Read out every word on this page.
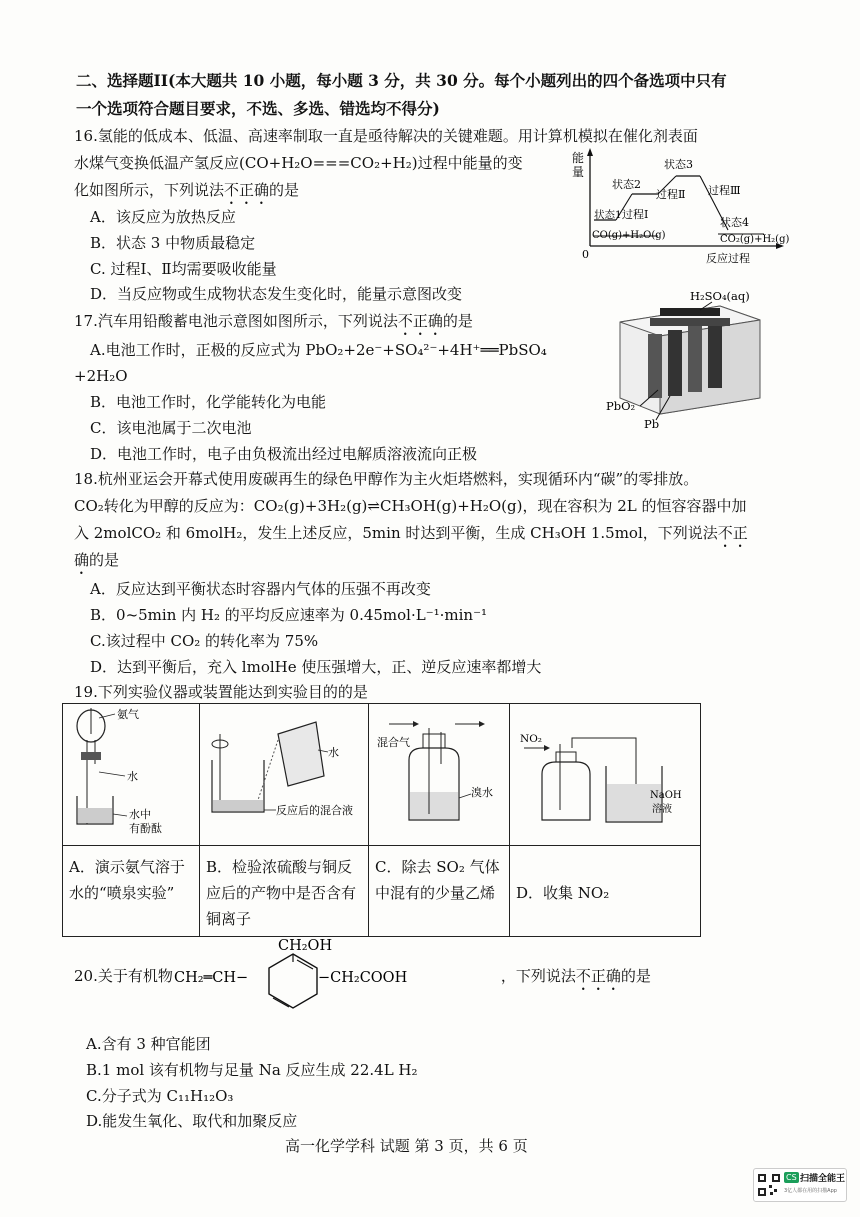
二、选择题II(本大题共 10 小题，每小题 3 分，共 30 分。每个小题列出的四个备选项中只有
一个选项符合题目要求，不选、多选、错选均不得分)
16.氢能的低成本、低温、高速率制取一直是亟待解决的关键难题。用计算机模拟在催化剂表面
水煤气变换低温产氢反应(CO+H₂O===CO₂+H₂)过程中能量的变
化如图所示，下列说法不正确的是
A．该反应为放热反应
B．状态 3 中物质最稳定
C. 过程Ⅰ、Ⅱ均需要吸收能量
D．当反应物或生成物状态发生变化时，能量示意图改变
能
量
0
状态1
状态2
状态3
状态4
过程Ⅰ
过程Ⅱ 过程Ⅲ
CO(g)+H₂O(g)	CO₂(g)+H₂(g)
反应过程
17.汽车用铅酸蓄电池示意图如图所示，下列说法不正确的是
A.电池工作时，正极的反应式为 PbO₂+2e⁻+SO₄²⁻+4H⁺══PbSO₄
+2H₂O
B．电池工作时，化学能转化为电能
C．该电池属于二次电池
D．电池工作时，电子由负极流出经过电解质溶液流向正极
H₂SO₄(aq)
PbO₂
Pb
18.杭州亚运会开幕式使用废碳再生的绿色甲醇作为主火炬塔燃料，实现循环内“碳”的零排放。
CO₂转化为甲醇的反应为：CO₂(g)+3H₂(g)⇌CH₃OH(g)+H₂O(g)，现在容积为 2L 的恒容容器中加
入 2molCO₂ 和 6molH₂，发生上述反应，5min 时达到平衡，生成 CH₃OH 1.5mol，下列说法不正
确的是
A．反应达到平衡状态时容器内气体的压强不再改变
B．0~5min 内 H₂ 的平均反应速率为 0.45mol·L⁻¹·min⁻¹
C.该过程中 CO₂ 的转化率为 75%
D．达到平衡后，充入 lmolHe 使压强增大，正、逆反应速率都增大
19.下列实验仪器或装置能达到实验目的的是
氨气
水
水中
有酚酞	水
反应后的混合液	混合气
溴水	NO₂
NaOH
溶液

A．演示氨气溶于水的“喷泉实验”	B．检验浓硫酸与铜反应后的产物中是否含有铜离子	C．除去 SO₂ 气体中混有的少量乙烯	D．收集 NO₂
20.关于有机物	，下列说法不正确的是
CH₂═CH−
CH₂OH
−CH₂COOH
A.含有 3 种官能团
B.1 mol 该有机物与足量 Na 反应生成 22.4L H₂
C.分子式为 C₁₁H₁₂O₃
D.能发生氧化、取代和加聚反应
高一化学学科 试题 第 3 页，共 6 页
CS 扫描全能王
3亿人都在用的扫描App
